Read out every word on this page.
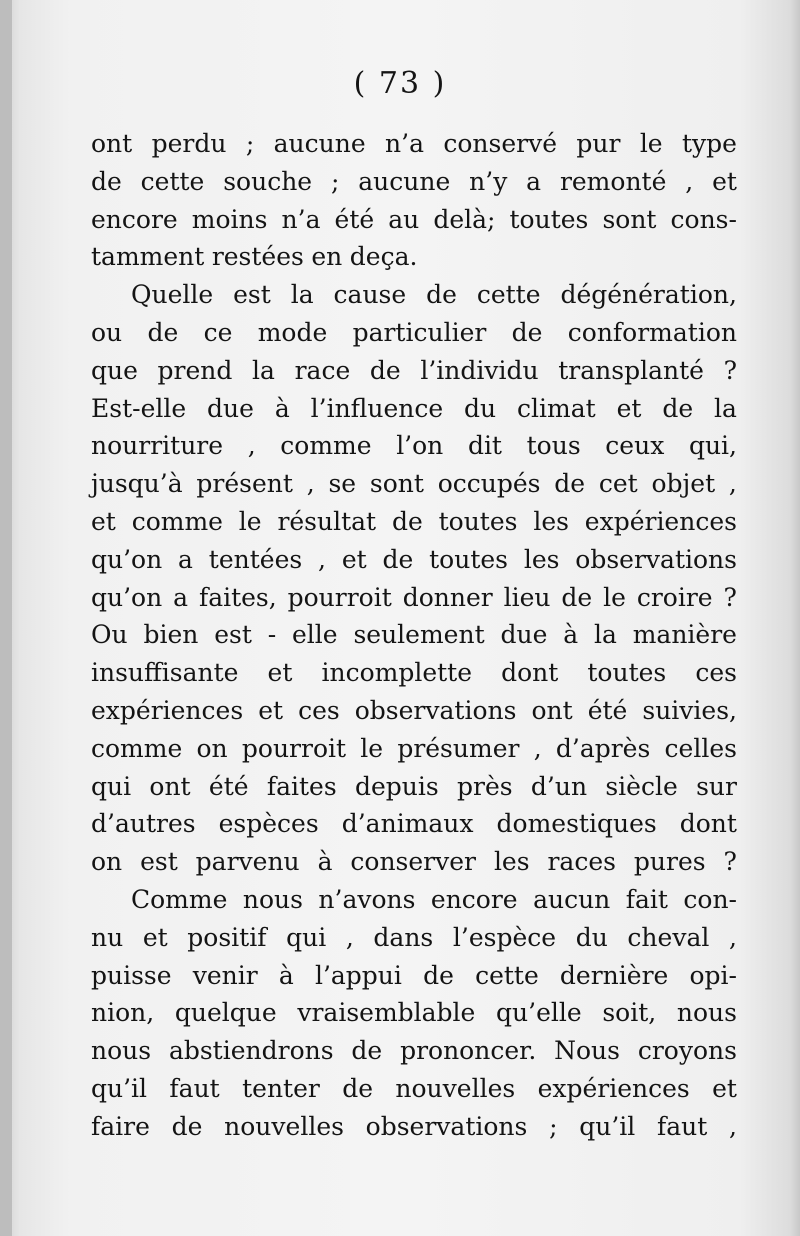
( 73 )
ont perdu ; aucune n’a conservé pur le type
de cette souche ; aucune n’y a remonté , et
encore moins n’a été au delà; toutes sont cons-
tamment restées en deça.
Quelle est la cause de cette dégénération,
ou de ce mode particulier de conformation
que prend la race de l’individu transplanté ?
Est-elle due à l’influence du climat et de la
nourriture , comme l’on dit tous ceux qui,
jusqu’à présent , se sont occupés de cet objet ,
et comme le résultat de toutes les expériences
qu’on a tentées , et de toutes les observations
qu’on a faites, pourroit donner lieu de le croire ?
Ou bien est - elle seulement due à la manière
insuffisante et incomplette dont toutes ces
expériences et ces observations ont été suivies,
comme on pourroit le présumer , d’après celles
qui ont été faites depuis près d’un siècle sur
d’autres espèces d’animaux domestiques dont
on est parvenu à conserver les races pures ?
Comme nous n’avons encore aucun fait con-
nu et positif qui , dans l’espèce du cheval ,
puisse venir à l’appui de cette dernière opi-
nion, quelque vraisemblable qu’elle soit, nous
nous abstiendrons de prononcer. Nous croyons
qu’il faut tenter de nouvelles expériences et
faire de nouvelles observations ; qu’il faut ,
